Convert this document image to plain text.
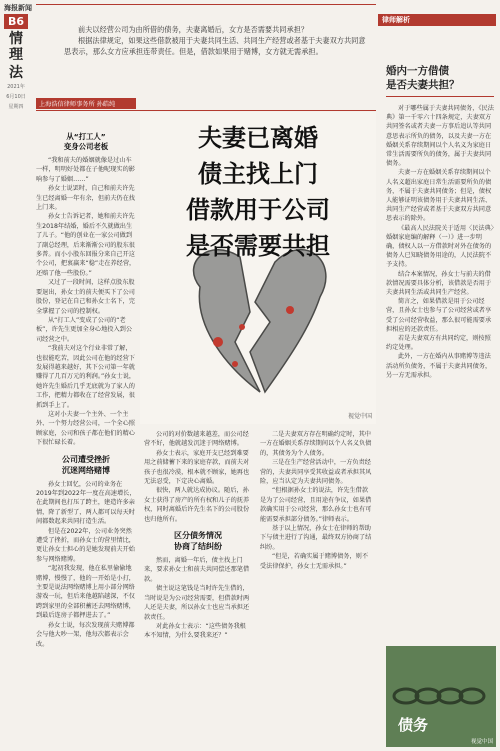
海报新闻
B6
情理
法
2021年
6月10日
星期四

前夫以经营公司为由所借的债务，夫妻离婚后，女方是否需要共同承担？

根据法律规定，如果这些借款被用于夫妻共同生活、共同生产经营或者基于夫妻双方共同意思表示，那么女方应承担连带责任。但是，借款如果用于赌博，女方就无需承担。

律师解析
上海浩信律师事务所 孙皓纯

从“打工人”

变身公司老板

“我和前夫的婚姻就像是过山车一样，明明好处都在子他呢现实的影响参与了婚姻……”

孙女士说罢时，自己和前夫许先生已经离婚一年有余，但前夫仍在找上门来。

孙女士告诉记者，她和前夫许先生2018年结婚，婚后不久就做出生了儿子。“他的创业在一家公司做到了副总经理，后来渐渐公司的股东很多普。而小小股东回报分来自己开这个公司，把衷赢来“稳”走在养经营，还赔了他一些股份。”

又过了一段时间，这样点股东股要退出，孙女士的前夫便买下了公司股份，登记在自己和孙女士名下，完全掌握了公司的控制权。

从“打工人”变成了公司的“老板”，许先生更加全身心地投入到公司经营之中。

“我前夫对这个行业非常了解，也很能吃苦，因此公司在他的经营下发展得越来越好，其下公司第一年就赚得了几百万元的利润。”孙女士说，她许先生婚后几乎无底就为了家人的工作，把精力都收在了经营发展，很抓到手上了。

这对小夫妻一个主外、一个主外、一个努力经营公司，一个全心照顾家庭，公司和孩子都在他们的精心下很忙碌长着。

公司遭受挫折
沉迷网络赌博

孙女士回忆，公司的业务在2019年到2022年一度在高速增长，在此期间也打压了跨主，建造许多亲情，降了新型了，两人都可以每天时间都数起来共同打造生活。

但是在2022年，公司业务突然遭受了挫折，而孙女士的营里情比，更让孙女士担心的是她发现前夫开始参与网络赌博。

“起初我发现，他在私里偷偷地赌博，慢慢了，他的一开始是小打，主要是说法网络赌博上用小部分网络游戏一玩，但后来他越陷越深，不仅跨到家里的全部积蓄还去网络赌博，到最后连房子都押进去了。”

孙女士说，每次发现前夫赌博都会与他大吵一架，他每次都表示会改。

夫妻已离婚
债主找上门
借款用于公司
是否需要共担
视觉中国

公司的对价数越来越差，而公司经营不好，他就越发沉迷于网络赌博。

孙女士表示，家庭开支已经到难要用之前储蓄下来的家庭存款，而前夫对孩子也很冷漠，根本就不顾家，她再也无法忍受，下定决心离婚。

很快，两人就达成协议。随后，孙女士获得了房产的所有权和儿子的抚养权，同时离婚后许先生名下的公司股份也归他所有。

区分债务情况
协商了结纠纷

然而，离婚一年后，债主找上门来，要求孙女士和前夫共同偿还那笔借款。

债主说这笔钱是当时许先生借的，当时说是为公司经营需要，但借款时两人还是夫妻，所以孙女士也应当承担还款责任。

对此孙女士表示：“这些债务我根本不知情，为什么要我来还？”

二是夫妻双方存在明确约定时，其中一方在婚姻关系存续期间以个人名义负债的，其债务为个人债务。

三是在生产经营活动中，一方负责经营的，夫妻共同享受其收益或者承担其风险，应当认定为夫妻共同债务。

“但根据孙女士的说法，许先生借款是为了公司经营，且用途有争议，如果借款确实用于公司经营，那么孙女士也有可能需要承担部分债务。”律师表示。

基于以上情况，孙女士在律师的帮助下与债主进行了沟通，最终双方协商了结纠纷。

“但是，若确实属于赌博债务，则不受法律保护，孙女士无需承担。”

婚内一方借债
是否夫妻共担？

对于哪些属于夫妻共同债务，《民法典》第一千零六十四条规定，夫妻双方共同签名或者夫妻一方事后追认等共同意思表示所负的债务，以及夫妻一方在婚姻关系存续期间以个人名义为家庭日常生活需要所负的债务，属于夫妻共同债务。

夫妻一方在婚姻关系存续期间以个人名义超出家庭日常生活需要所负的债务，不属于夫妻共同债务；但是，债权人能够证明该债务用于夫妻共同生活、共同生产经营或者基于夫妻双方共同意思表示的除外。

《最高人民法院关于适用〈民法典〉婚姻家庭编的解释（一）》进一步明确，债权人以一方借款时对外在债务的债务人已知晓债务用途的，人民法院不予支持。

结合本案情况，孙女士与前夫的借款情况需要具体分析，该借款是否用于夫妻共同生活或共同生产经营。

简言之，如果借款是用于公司经营，且孙女士也参与了公司经营或者享受了公司经营收益，那么很可能需要承担相应的还款责任。

若是夫妻双方有共同约定，则按照约定处理。

此外，一方在婚内从事赌博等违法活动所负债务，不属于夫妻共同债务，另一方无需承担。

债务
视觉中国
